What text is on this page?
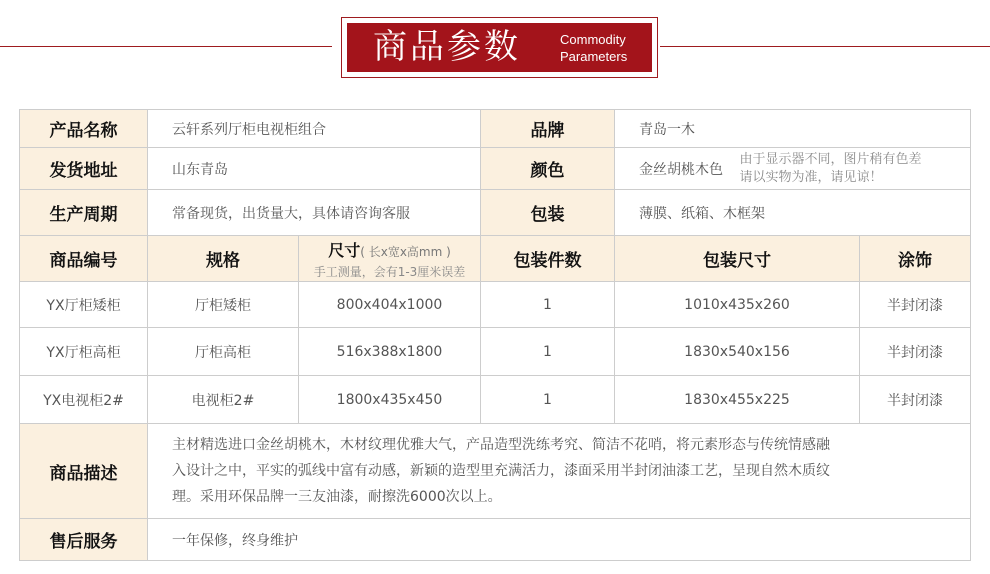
商品参数	Commodity
Parameters
产品名称	云轩系列厅柜电视柜组合		品牌	青岛一木	
发货地址	山东青岛		颜色	金丝胡桃木色
由于显示器不同，图片稍有色差
请以实物为准，请见谅！	

生产周期	常备现货，出货量大，具体请咨询客服		包装	薄膜、纸箱、木框架	
商品编号	规格	尺寸( 长x宽x高mm )
手工测量，会有1-3厘米误差	包装件数	包装尺寸	涂饰
YX厅柜矮柜	厅柜矮柜	800x404x1000	1	1010x435x260	半封闭漆
YX厅柜高柜	厅柜高柜	516x388x1800	1	1830x540x156	半封闭漆
YX电视柜2#	电视柜2#	1800x435x450	1	1830x455x225	半封闭漆
商品描述	主材精选进口金丝胡桃木，木材纹理优雅大气，产品造型洗练考究、简洁不花哨，将元素形态与传统情感融
入设计之中，平实的弧线中富有动感，新颖的造型里充满活力，漆面采用半封闭油漆工艺，呈现自然木质纹
理。采用环保品牌一三友油漆，耐擦洗6000次以上。				

售后服务	一年保修，终身维护				
